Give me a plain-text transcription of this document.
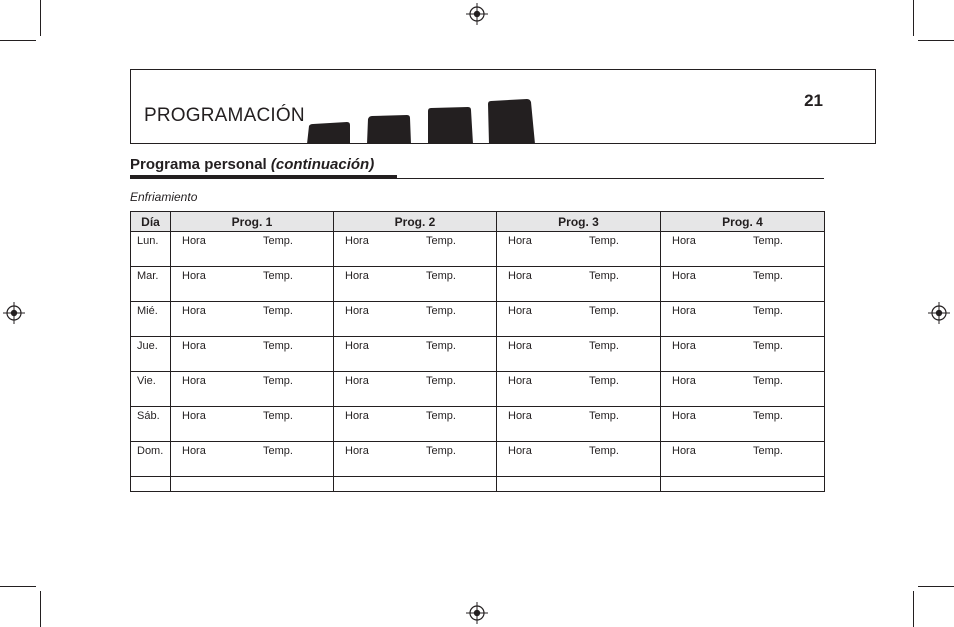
PROGRAMACIÓN
21
Programa personal (continuación)
Enfriamiento
Día	Prog. 1	Prog. 2	Prog. 3	Prog. 4
Lun.	Hora Temp.	Hora Temp.	Hora Temp.	Hora Temp.

Mar.	Hora Temp.	Hora Temp.	Hora Temp.	Hora Temp.

Mié.	Hora Temp.	Hora Temp.	Hora Temp.	Hora Temp.

Jue.	Hora Temp.	Hora Temp.	Hora Temp.	Hora Temp.

Vie.	Hora Temp.	Hora Temp.	Hora Temp.	Hora Temp.

Sáb.	Hora Temp.	Hora Temp.	Hora Temp.	Hora Temp.

Dom.	Hora Temp.	Hora Temp.	Hora Temp.	Hora Temp.
